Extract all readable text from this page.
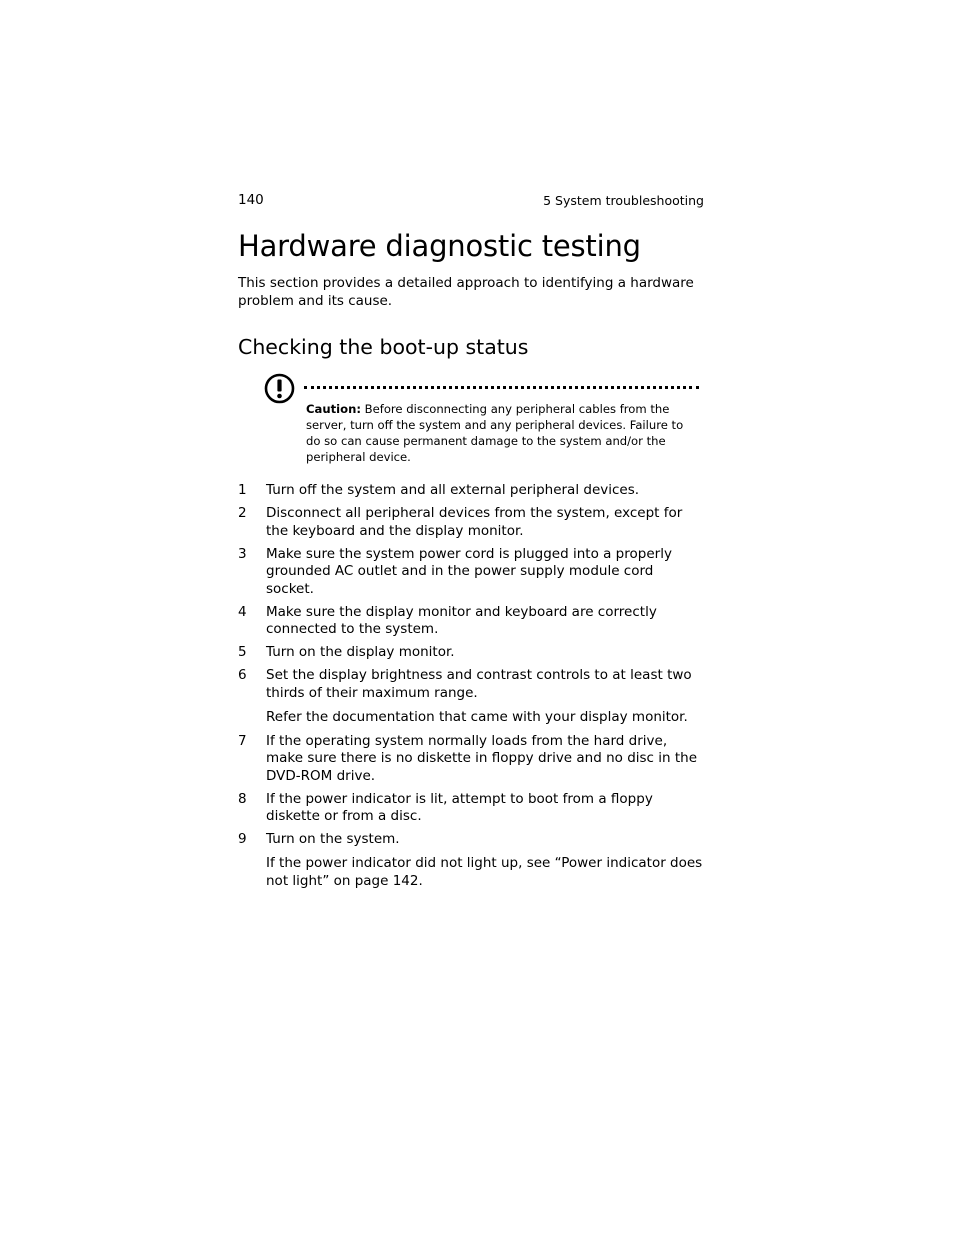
140	5 System troubleshooting
Hardware diagnostic testing

This section provides a detailed approach to identifying a hardware problem and its cause.

Checking the boot-up status

Caution: Before disconnecting any peripheral cables from the server, turn off the system and any peripheral devices. Failure to do so can cause permanent damage to the system and/or the peripheral device.

1 Turn off the system and all external peripheral devices.
2 Disconnect all peripheral devices from the system, except for the keyboard and the display monitor.
3 Make sure the system power cord is plugged into a properly grounded AC outlet and in the power supply module cord socket.
4 Make sure the display monitor and keyboard are correctly connected to the system.
5 Turn on the display monitor.
6 Set the display brightness and contrast controls to at least two thirds of their maximum range.
Refer the documentation that came with your display monitor.
7 If the operating system normally loads from the hard drive, make sure there is no diskette in floppy drive and no disc in the DVD-ROM drive.
8 If the power indicator is lit, attempt to boot from a floppy diskette or from a disc.
9 Turn on the system.
If the power indicator did not light up, see “Power indicator does not light” on page 142.
